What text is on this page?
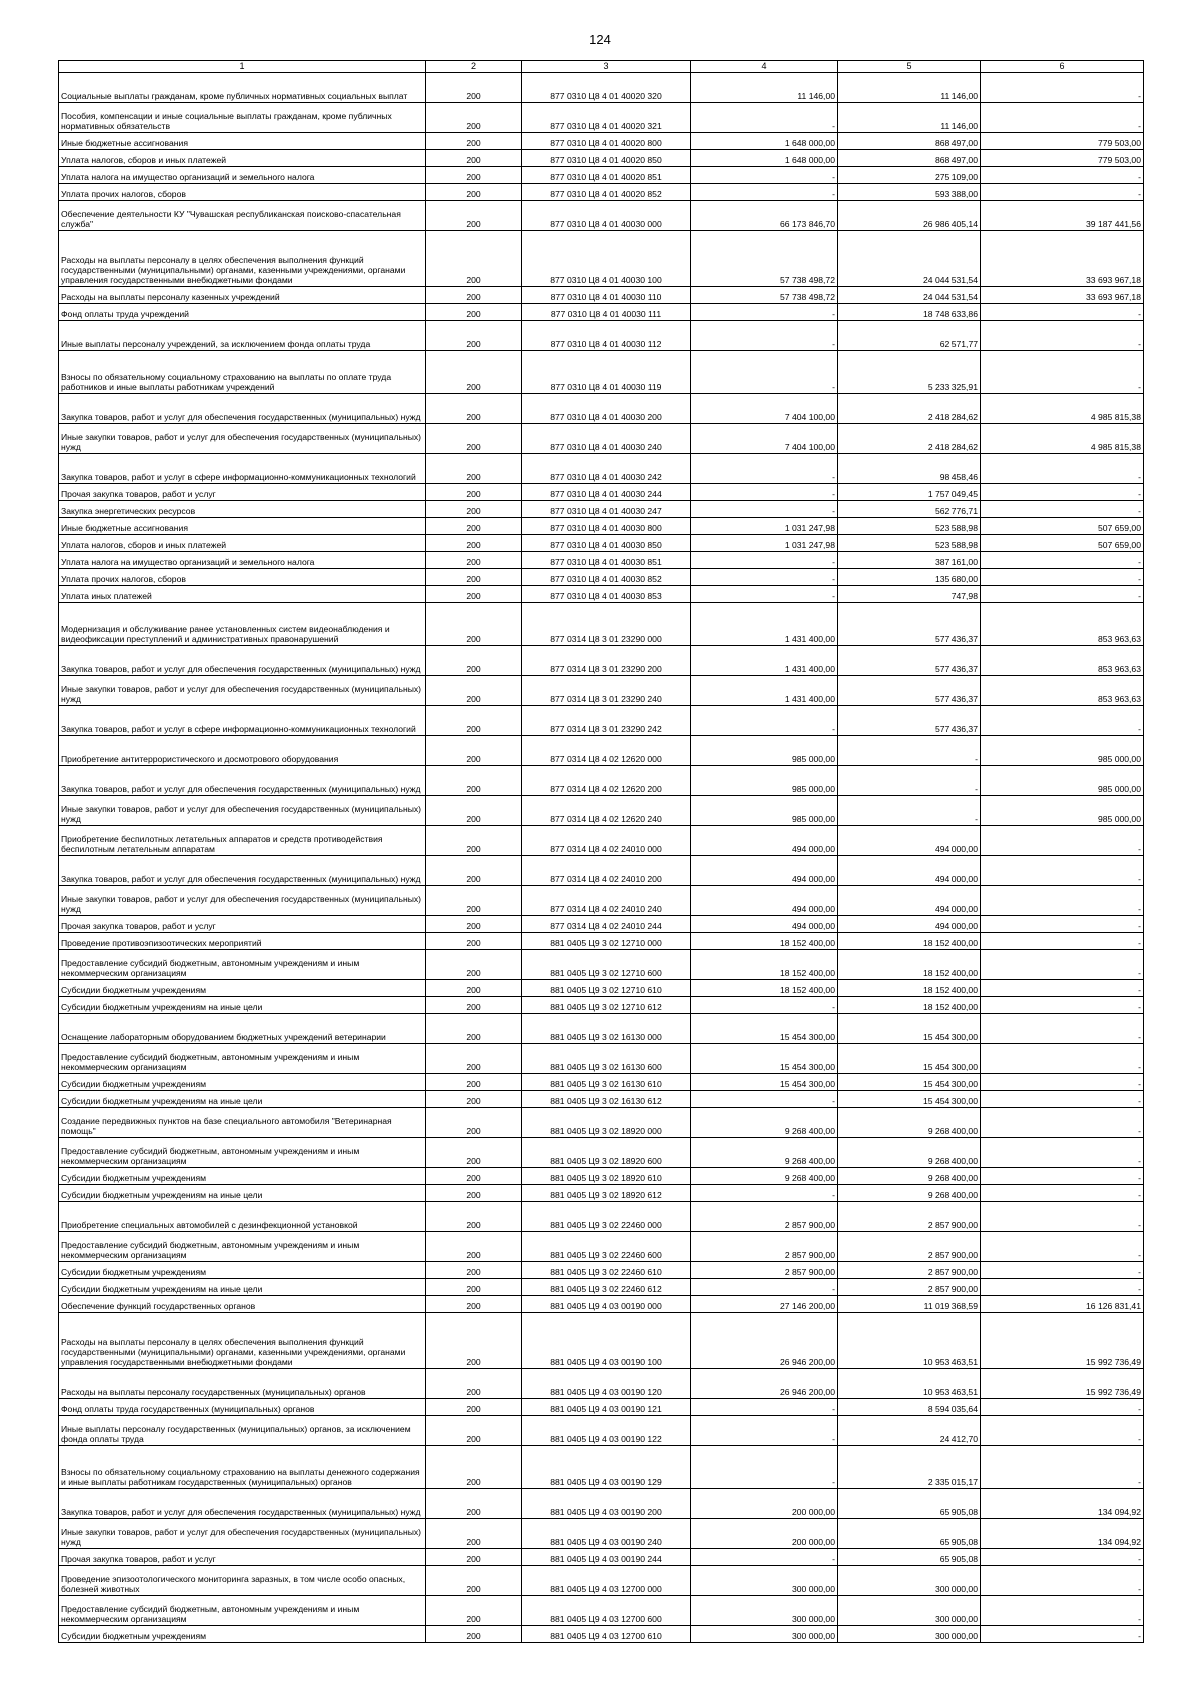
124
1	2	3	4	5	6
Социальные выплаты гражданам, кроме публичных нормативных социальных выплат	200	877 0310 Ц8 4 01 40020 320	11 146,00	11 146,00	-
Пособия, компенсации и иные социальные выплаты гражданам, кроме публичных нормативных обязательств	200	877 0310 Ц8 4 01 40020 321	-	11 146,00	-
Иные бюджетные ассигнования	200	877 0310 Ц8 4 01 40020 800	1 648 000,00	868 497,00	779 503,00
Уплата налогов, сборов и иных платежей	200	877 0310 Ц8 4 01 40020 850	1 648 000,00	868 497,00	779 503,00
Уплата налога на имущество организаций и земельного налога	200	877 0310 Ц8 4 01 40020 851	-	275 109,00	-
Уплата прочих налогов, сборов	200	877 0310 Ц8 4 01 40020 852	-	593 388,00	-
Обеспечение деятельности КУ "Чувашская республиканская поисково-спасательная служба"	200	877 0310 Ц8 4 01 40030 000	66 173 846,70	26 986 405,14	39 187 441,56
Расходы на выплаты персоналу в целях обеспечения выполнения функций государственными (муниципальными) органами, казенными учреждениями, органами управления государственными внебюджетными фондами	200	877 0310 Ц8 4 01 40030 100	57 738 498,72	24 044 531,54	33 693 967,18
Расходы на выплаты персоналу казенных учреждений	200	877 0310 Ц8 4 01 40030 110	57 738 498,72	24 044 531,54	33 693 967,18
Фонд оплаты труда учреждений	200	877 0310 Ц8 4 01 40030 111	-	18 748 633,86	-
Иные выплаты персоналу учреждений, за исключением фонда оплаты труда	200	877 0310 Ц8 4 01 40030 112	-	62 571,77	-
Взносы по обязательному социальному страхованию на выплаты по оплате труда работников и иные выплаты работникам учреждений	200	877 0310 Ц8 4 01 40030 119	-	5 233 325,91	-
Закупка товаров, работ и услуг для обеспечения государственных (муниципальных) нужд	200	877 0310 Ц8 4 01 40030 200	7 404 100,00	2 418 284,62	4 985 815,38
Иные закупки товаров, работ и услуг для обеспечения государственных (муниципальных) нужд	200	877 0310 Ц8 4 01 40030 240	7 404 100,00	2 418 284,62	4 985 815,38
Закупка товаров, работ и услуг в сфере информационно-коммуникационных технологий	200	877 0310 Ц8 4 01 40030 242	-	98 458,46	-
Прочая закупка товаров, работ и услуг	200	877 0310 Ц8 4 01 40030 244	-	1 757 049,45	-
Закупка энергетических ресурсов	200	877 0310 Ц8 4 01 40030 247	-	562 776,71	-
Иные бюджетные ассигнования	200	877 0310 Ц8 4 01 40030 800	1 031 247,98	523 588,98	507 659,00
Уплата налогов, сборов и иных платежей	200	877 0310 Ц8 4 01 40030 850	1 031 247,98	523 588,98	507 659,00
Уплата налога на имущество организаций и земельного налога	200	877 0310 Ц8 4 01 40030 851	-	387 161,00	-
Уплата прочих налогов, сборов	200	877 0310 Ц8 4 01 40030 852	-	135 680,00	-
Уплата иных платежей	200	877 0310 Ц8 4 01 40030 853	-	747,98	-
Модернизация и обслуживание ранее установленных систем видеонаблюдения и видеофиксации преступлений и административных правонарушений	200	877 0314 Ц8 3 01 23290 000	1 431 400,00	577 436,37	853 963,63
Закупка товаров, работ и услуг для обеспечения государственных (муниципальных) нужд	200	877 0314 Ц8 3 01 23290 200	1 431 400,00	577 436,37	853 963,63
Иные закупки товаров, работ и услуг для обеспечения государственных (муниципальных) нужд	200	877 0314 Ц8 3 01 23290 240	1 431 400,00	577 436,37	853 963,63
Закупка товаров, работ и услуг в сфере информационно-коммуникационных технологий	200	877 0314 Ц8 3 01 23290 242	-	577 436,37	-
Приобретение антитеррористического и досмотрового оборудования	200	877 0314 Ц8 4 02 12620 000	985 000,00	-	985 000,00
Закупка товаров, работ и услуг для обеспечения государственных (муниципальных) нужд	200	877 0314 Ц8 4 02 12620 200	985 000,00	-	985 000,00
Иные закупки товаров, работ и услуг для обеспечения государственных (муниципальных) нужд	200	877 0314 Ц8 4 02 12620 240	985 000,00	-	985 000,00
Приобретение беспилотных летательных аппаратов и средств противодействия беспилотным летательным аппаратам	200	877 0314 Ц8 4 02 24010 000	494 000,00	494 000,00	-
Закупка товаров, работ и услуг для обеспечения государственных (муниципальных) нужд	200	877 0314 Ц8 4 02 24010 200	494 000,00	494 000,00	-
Иные закупки товаров, работ и услуг для обеспечения государственных (муниципальных) нужд	200	877 0314 Ц8 4 02 24010 240	494 000,00	494 000,00	-
Прочая закупка товаров, работ и услуг	200	877 0314 Ц8 4 02 24010 244	494 000,00	494 000,00	-
Проведение противоэпизоотических мероприятий	200	881 0405 Ц9 3 02 12710 000	18 152 400,00	18 152 400,00	-
Предоставление субсидий бюджетным, автономным учреждениям и иным некоммерческим организациям	200	881 0405 Ц9 3 02 12710 600	18 152 400,00	18 152 400,00	-
Субсидии бюджетным учреждениям	200	881 0405 Ц9 3 02 12710 610	18 152 400,00	18 152 400,00	-
Субсидии бюджетным учреждениям на иные цели	200	881 0405 Ц9 3 02 12710 612	-	18 152 400,00	-
Оснащение лабораторным оборудованием бюджетных учреждений ветеринарии	200	881 0405 Ц9 3 02 16130 000	15 454 300,00	15 454 300,00	-
Предоставление субсидий бюджетным, автономным учреждениям и иным некоммерческим организациям	200	881 0405 Ц9 3 02 16130 600	15 454 300,00	15 454 300,00	-
Субсидии бюджетным учреждениям	200	881 0405 Ц9 3 02 16130 610	15 454 300,00	15 454 300,00	-
Субсидии бюджетным учреждениям на иные цели	200	881 0405 Ц9 3 02 16130 612	-	15 454 300,00	-
Создание передвижных пунктов на базе специального автомобиля "Ветеринарная помощь"	200	881 0405 Ц9 3 02 18920 000	9 268 400,00	9 268 400,00	-
Предоставление субсидий бюджетным, автономным учреждениям и иным некоммерческим организациям	200	881 0405 Ц9 3 02 18920 600	9 268 400,00	9 268 400,00	-
Субсидии бюджетным учреждениям	200	881 0405 Ц9 3 02 18920 610	9 268 400,00	9 268 400,00	-
Субсидии бюджетным учреждениям на иные цели	200	881 0405 Ц9 3 02 18920 612	-	9 268 400,00	-
Приобретение специальных автомобилей с дезинфекционной установкой	200	881 0405 Ц9 3 02 22460 000	2 857 900,00	2 857 900,00	-
Предоставление субсидий бюджетным, автономным учреждениям и иным некоммерческим организациям	200	881 0405 Ц9 3 02 22460 600	2 857 900,00	2 857 900,00	-
Субсидии бюджетным учреждениям	200	881 0405 Ц9 3 02 22460 610	2 857 900,00	2 857 900,00	-
Субсидии бюджетным учреждениям на иные цели	200	881 0405 Ц9 3 02 22460 612	-	2 857 900,00	-
Обеспечение функций государственных органов	200	881 0405 Ц9 4 03 00190 000	27 146 200,00	11 019 368,59	16 126 831,41
Расходы на выплаты персоналу в целях обеспечения выполнения функций государственными (муниципальными) органами, казенными учреждениями, органами управления государственными внебюджетными фондами	200	881 0405 Ц9 4 03 00190 100	26 946 200,00	10 953 463,51	15 992 736,49
Расходы на выплаты персоналу государственных (муниципальных) органов	200	881 0405 Ц9 4 03 00190 120	26 946 200,00	10 953 463,51	15 992 736,49
Фонд оплаты труда государственных (муниципальных) органов	200	881 0405 Ц9 4 03 00190 121	-	8 594 035,64	-
Иные выплаты персоналу государственных (муниципальных) органов, за исключением фонда оплаты труда	200	881 0405 Ц9 4 03 00190 122	-	24 412,70	-
Взносы по обязательному социальному страхованию на выплаты денежного содержания и иные выплаты работникам государственных (муниципальных) органов	200	881 0405 Ц9 4 03 00190 129	-	2 335 015,17	-
Закупка товаров, работ и услуг для обеспечения государственных (муниципальных) нужд	200	881 0405 Ц9 4 03 00190 200	200 000,00	65 905,08	134 094,92
Иные закупки товаров, работ и услуг для обеспечения государственных (муниципальных) нужд	200	881 0405 Ц9 4 03 00190 240	200 000,00	65 905,08	134 094,92
Прочая закупка товаров, работ и услуг	200	881 0405 Ц9 4 03 00190 244	-	65 905,08	-
Проведение эпизоотологического мониторинга заразных, в том числе особо опасных, болезней животных	200	881 0405 Ц9 4 03 12700 000	300 000,00	300 000,00	-
Предоставление субсидий бюджетным, автономным учреждениям и иным некоммерческим организациям	200	881 0405 Ц9 4 03 12700 600	300 000,00	300 000,00	-
Субсидии бюджетным учреждениям	200	881 0405 Ц9 4 03 12700 610	300 000,00	300 000,00	-
